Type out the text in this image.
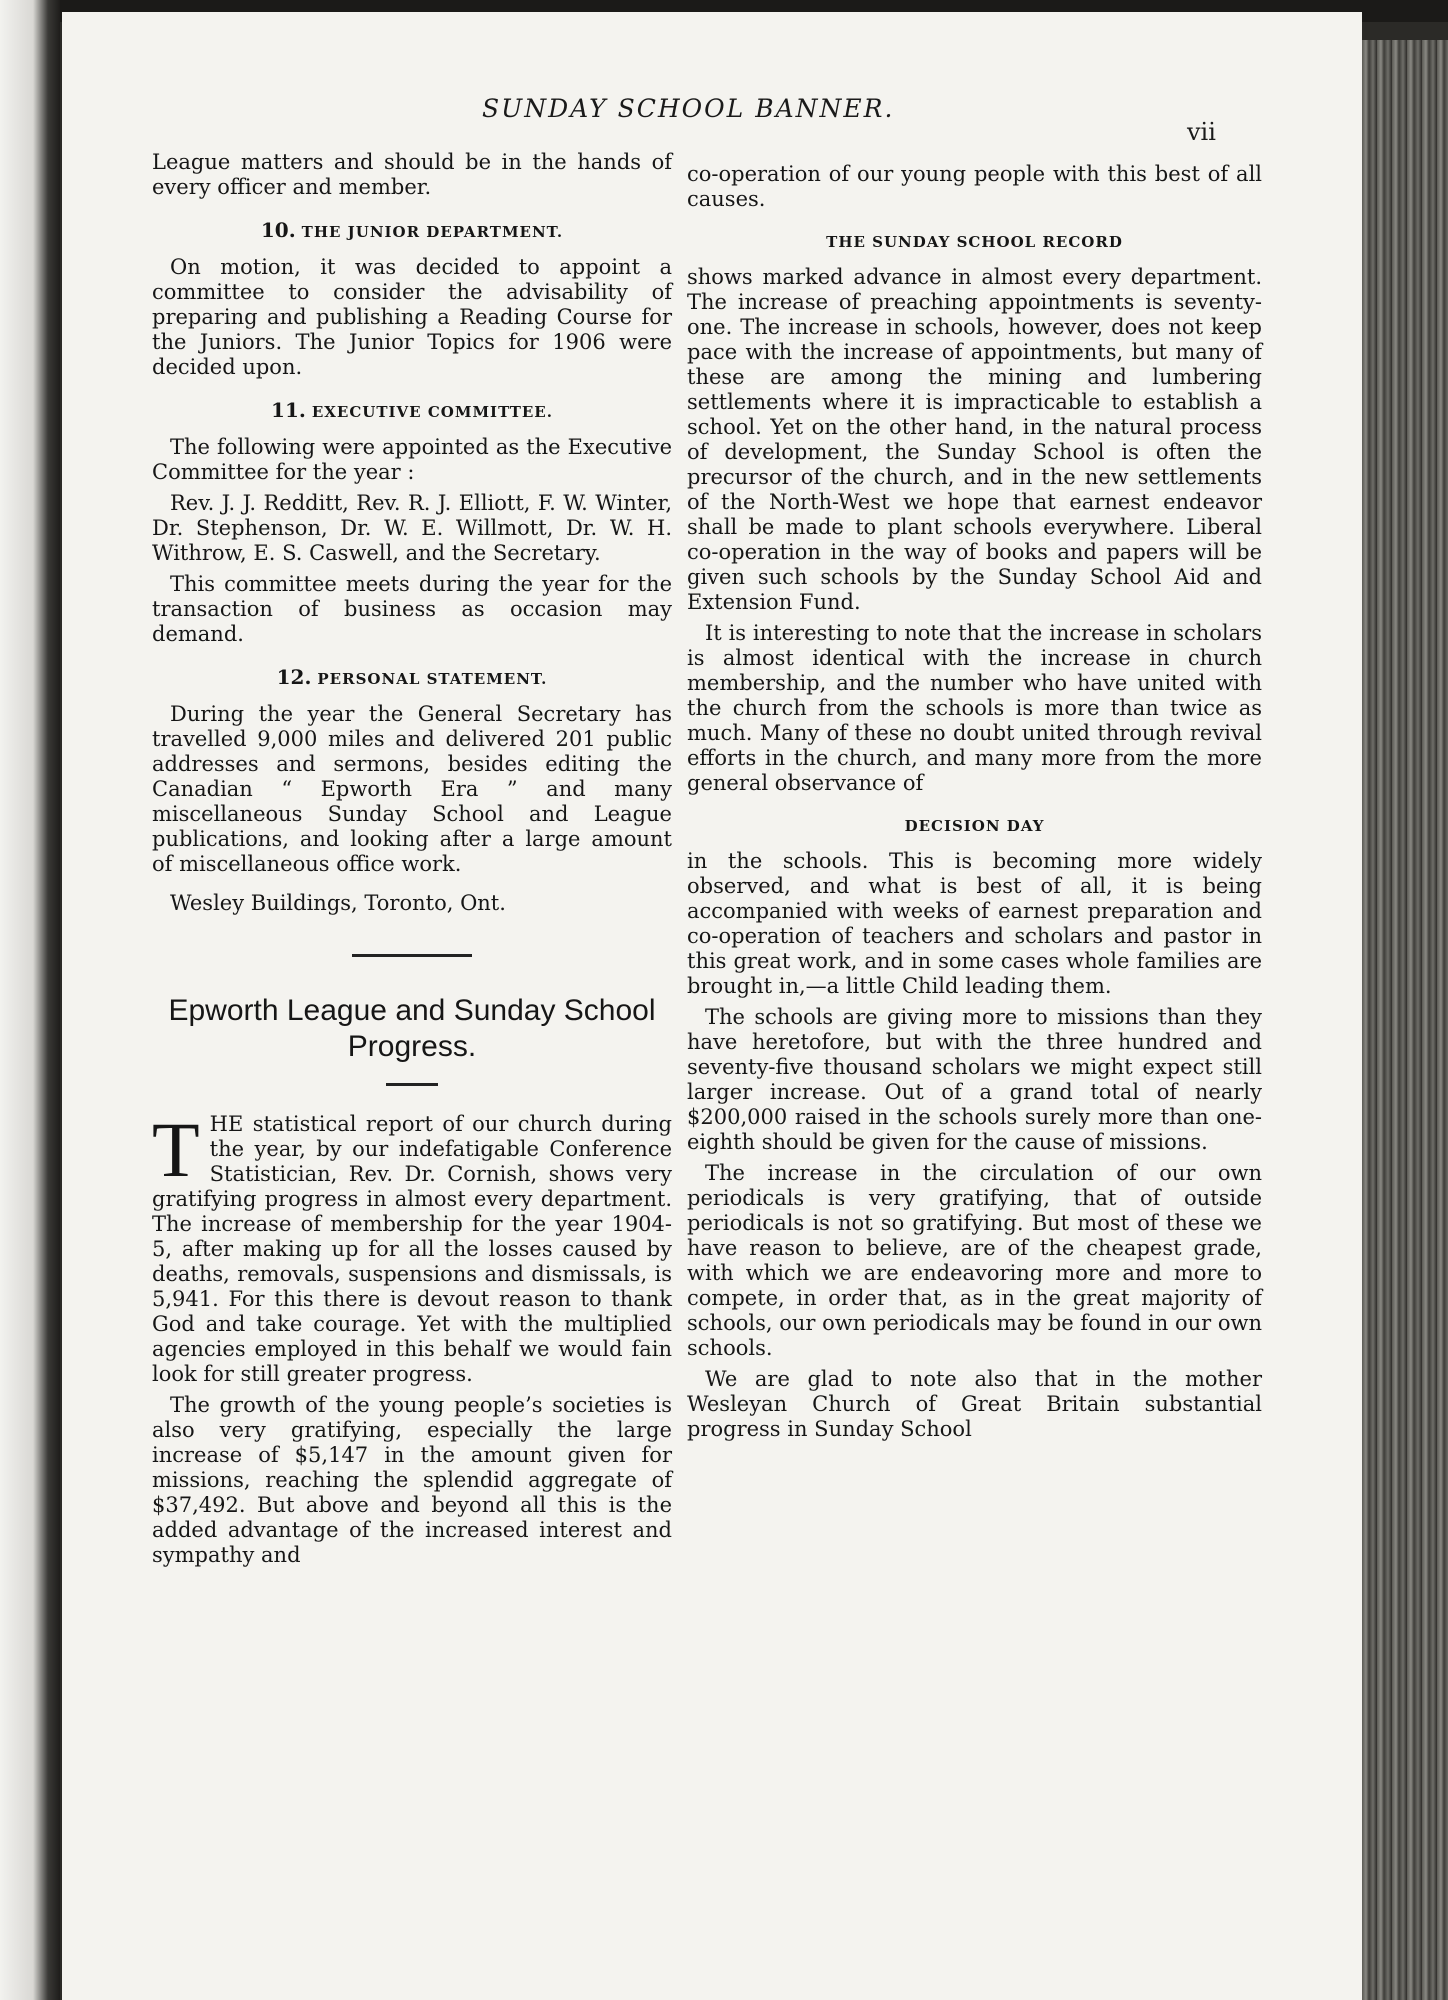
SUNDAY SCHOOL BANNER.
vii

League matters and should be in the hands of every officer and member.

10. THE JUNIOR DEPARTMENT.

On motion, it was decided to appoint a committee to consider the advisability of preparing and publishing a Reading Course for the Juniors. The Junior Topics for 1906 were decided upon.

11. EXECUTIVE COMMITTEE.

The following were appointed as the Executive Committee for the year :

Rev. J. J. Redditt, Rev. R. J. Elliott, F. W. Winter, Dr. Stephenson, Dr. W. E. Willmott, Dr. W. H. Withrow, E. S. Caswell, and the Secretary.

This committee meets during the year for the transaction of business as occasion may demand.

12. PERSONAL STATEMENT.

During the year the General Secretary has travelled 9,000 miles and delivered 201 public addresses and sermons, besides editing the Canadian “ Epworth Era ” and many miscellaneous Sunday School and League publications, and looking after a large amount of miscellaneous office work.

Wesley Buildings, Toronto, Ont.

Epworth League and Sunday School
Progress.

THE statistical report of our church during the year, by our indefatigable Conference Statistician, Rev. Dr. Cornish, shows very gratifying progress in almost every department. The increase of membership for the year 1904-5, after making up for all the losses caused by deaths, removals, suspensions and dismissals, is 5,941. For this there is devout reason to thank God and take courage. Yet with the multiplied agencies employed in this behalf we would fain look for still greater progress.

The growth of the young people’s societies is also very gratifying, especially the large increase of $5,147 in the amount given for missions, reaching the splendid aggregate of $37,492. But above and beyond all this is the added advantage of the increased interest and sympathy and

co-operation of our young people with this best of all causes.

THE SUNDAY SCHOOL RECORD

shows marked advance in almost every department. The increase of preaching appointments is seventy-one. The increase in schools, however, does not keep pace with the increase of appointments, but many of these are among the mining and lumbering settlements where it is impracticable to establish a school. Yet on the other hand, in the natural process of development, the Sunday School is often the precursor of the church, and in the new settlements of the North-West we hope that earnest endeavor shall be made to plant schools everywhere. Liberal co-operation in the way of books and papers will be given such schools by the Sunday School Aid and Extension Fund.

It is interesting to note that the increase in scholars is almost identical with the increase in church membership, and the number who have united with the church from the schools is more than twice as much. Many of these no doubt united through revival efforts in the church, and many more from the more general observance of

DECISION DAY

in the schools. This is becoming more widely observed, and what is best of all, it is being accompanied with weeks of earnest preparation and co-operation of teachers and scholars and pastor in this great work, and in some cases whole families are brought in,—a little Child leading them.

The schools are giving more to missions than they have heretofore, but with the three hundred and seventy-five thousand scholars we might expect still larger increase. Out of a grand total of nearly $200,000 raised in the schools surely more than one-eighth should be given for the cause of missions.

The increase in the circulation of our own periodicals is very gratifying, that of outside periodicals is not so gratifying. But most of these we have reason to believe, are of the cheapest grade, with which we are endeavoring more and more to compete, in order that, as in the great majority of schools, our own periodicals may be found in our own schools.

We are glad to note also that in the mother Wesleyan Church of Great Britain substantial progress in Sunday School
